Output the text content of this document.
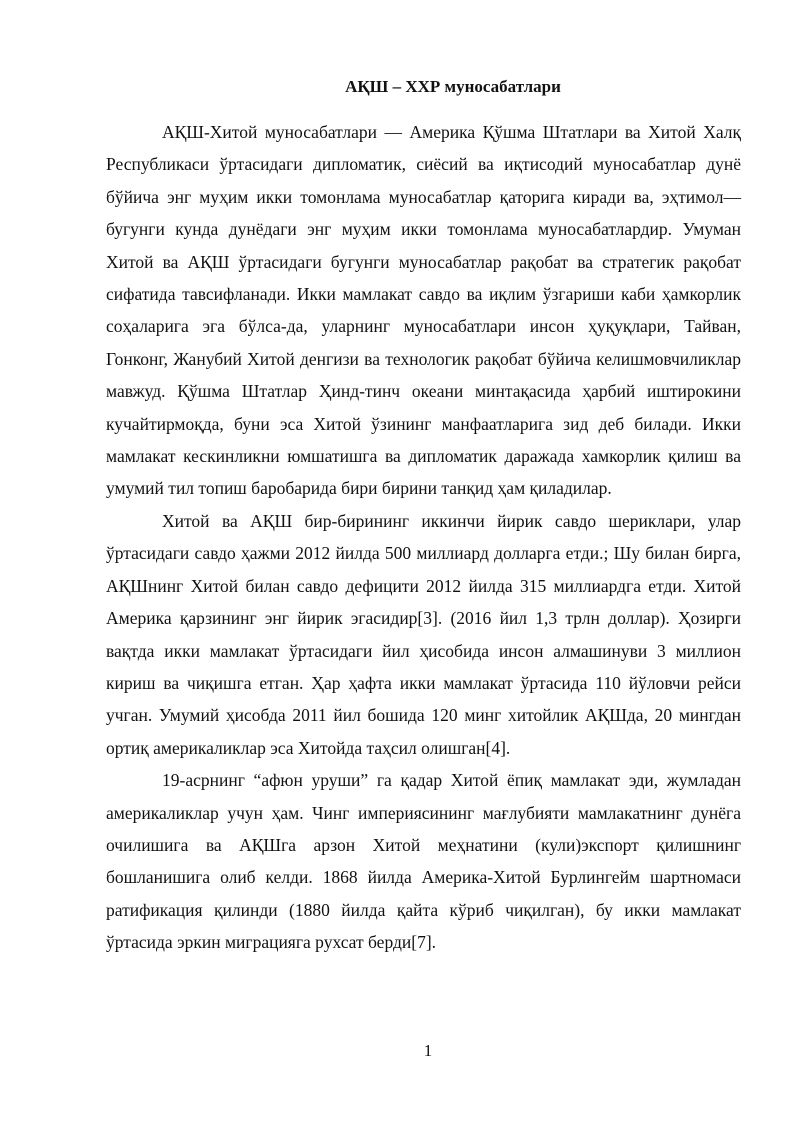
АҚШ – ХХР муносабатлари

АҚШ-Хитой муносабатлари — Америка Қўшма Штатлари ва Хитой Халқ Республикаси ўртасидаги дипломатик, сиёсий ва иқтисодий муносабатлар дунё бўйича энг муҳим икки томонлама муносабатлар қаторига киради ва, эҳтимол—бугунги кунда дунёдаги энг муҳим икки томонлама муносабатлардир. Умуман Хитой ва АҚШ ўртасидаги бугунги муносабатлар рақобат ва стратегик рақобат сифатида тавсифланади. Икки мамлакат савдо ва иқлим ўзгариши каби ҳамкорлик соҳаларига эга бўлса-да, уларнинг муносабатлари инсон ҳуқуқлари, Тайван, Гонконг, Жанубий Хитой денгизи ва технологик рақобат бўйича келишмовчиликлар мавжуд. Қўшма Штатлар Ҳинд-тинч океани минтақасида ҳарбий иштирокини кучайтирмоқда, буни эса Хитой ўзининг манфаатларига зид деб билади. Икки мамлакат кескинликни юмшатишга ва дипломатик даражада хамкорлик қилиш ва умумий тил топиш баробарида бири бирини танқид ҳам қиладилар.

Хитой ва АҚШ бир-бирининг иккинчи йирик савдо шериклари, улар ўртасидаги савдо ҳажми 2012 йилда 500 миллиард долларга етди.; Шу билан бирга, АҚШнинг Хитой билан савдо дефицити 2012 йилда 315 миллиардга етди. Хитой Америка қарзининг энг йирик эгасидир[3]. (2016 йил 1,3 трлн доллар). Ҳозирги вақтда икки мамлакат ўртасидаги йил ҳисобида инсон алмашинуви 3 миллион кириш ва чиқишга етган. Ҳар ҳафта икки мамлакат ўртасида 110 йўловчи рейси учган. Умумий ҳисобда 2011 йил бошида 120 минг хитойлик АҚШда, 20 мингдан ортиқ америкаликлар эса Хитойда таҳсил олишган[4].

19-асрнинг “афюн уруши” га қадар Хитой ёпиқ мамлакат эди, жумладан америкаликлар учун ҳам. Чинг империясининг мағлубияти мамлакатнинг дунёга очилишига ва АҚШга арзон Хитой меҳнатини (кули)экспорт қилишнинг бошланишига олиб келди. 1868 йилда Америка-Хитой Бурлингейм шартномаси ратификация қилинди (1880 йилда қайта кўриб чиқилган), бу икки мамлакат ўртасида эркин миграцияга рухсат берди[7].

1
